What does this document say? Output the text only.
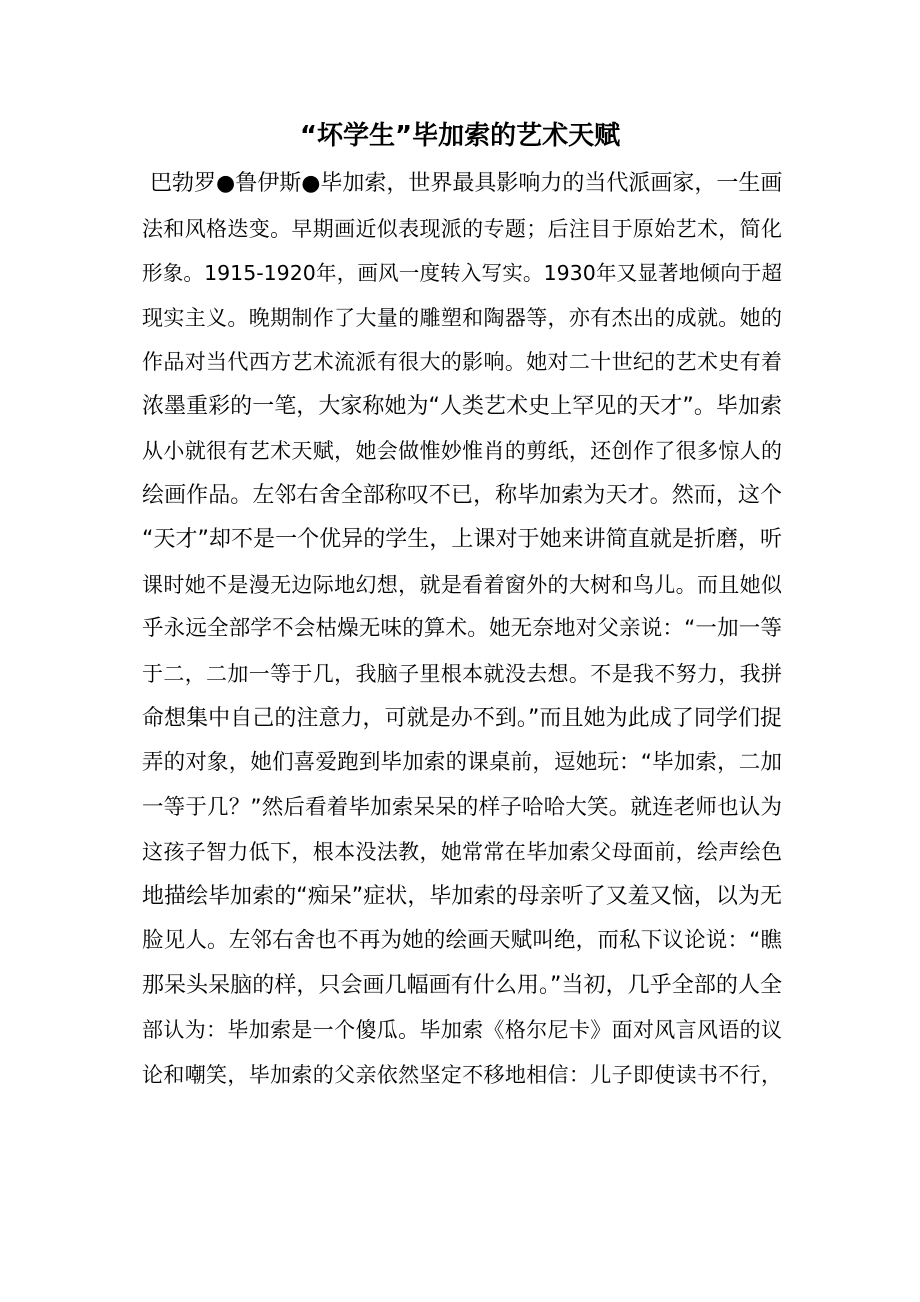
“坏学生”毕加索的艺术天赋
巴勃罗●鲁伊斯●毕加索，世界最具影响力的当代派画家，一生画
法和风格迭变。早期画近似表现派的专题；后注目于原始艺术，简化
形象。1915-1920年，画风一度转入写实。1930年又显著地倾向于超
现实主义。晚期制作了大量的雕塑和陶器等，亦有杰出的成就。她的
作品对当代西方艺术流派有很大的影响。她对二十世纪的艺术史有着
浓墨重彩的一笔，大家称她为“人类艺术史上罕见的天才”。毕加索
从小就很有艺术天赋，她会做惟妙惟肖的剪纸，还创作了很多惊人的
绘画作品。左邻右舍全部称叹不已，称毕加索为天才。然而，这个
“天才”却不是一个优异的学生，上课对于她来讲简直就是折磨，听
课时她不是漫无边际地幻想，就是看着窗外的大树和鸟儿。而且她似
乎永远全部学不会枯燥无味的算术。她无奈地对父亲说：“一加一等
于二，二加一等于几，我脑子里根本就没去想。不是我不努力，我拼
命想集中自己的注意力，可就是办不到。”而且她为此成了同学们捉
弄的对象，她们喜爱跑到毕加索的课桌前，逗她玩：“毕加索，二加
一等于几？”然后看着毕加索呆呆的样子哈哈大笑。就连老师也认为
这孩子智力低下，根本没法教，她常常在毕加索父母面前，绘声绘色
地描绘毕加索的“痴呆”症状，毕加索的母亲听了又羞又恼，以为无
脸见人。左邻右舍也不再为她的绘画天赋叫绝，而私下议论说：“瞧
那呆头呆脑的样，只会画几幅画有什么用。”当初，几乎全部的人全
部认为：毕加索是一个傻瓜。毕加索《格尔尼卡》面对风言风语的议
论和嘲笑，毕加索的父亲依然坚定不移地相信：儿子即使读书不行，
